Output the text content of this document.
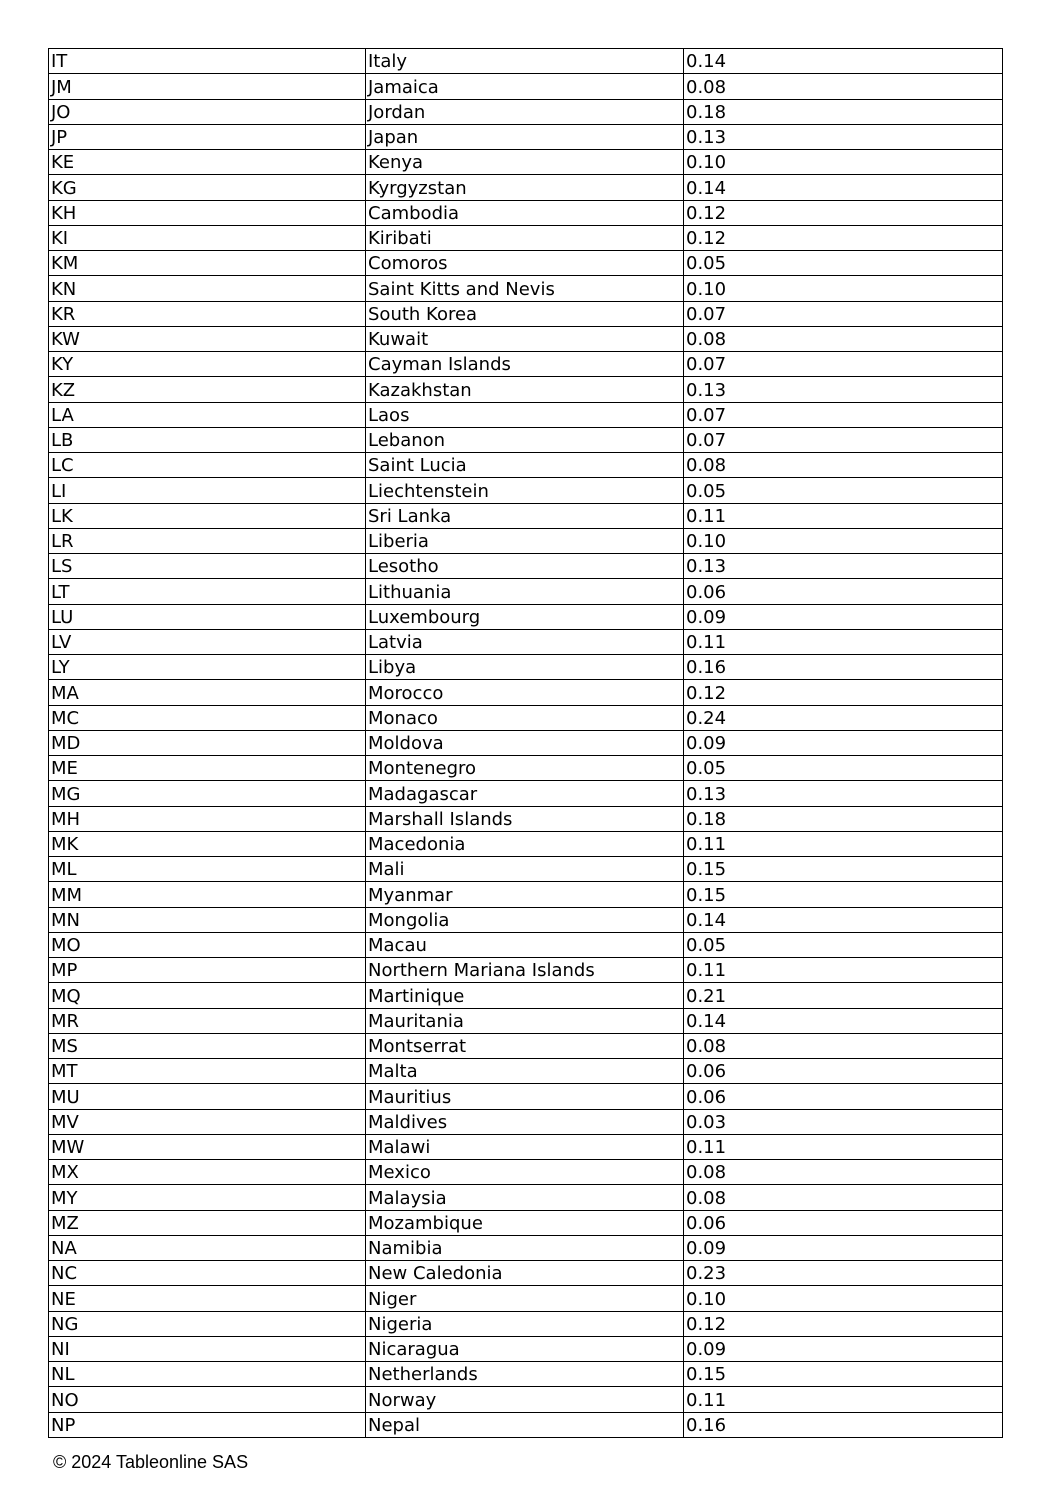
IT	Italy	0.14
JM	Jamaica	0.08
JO	Jordan	0.18
JP	Japan	0.13
KE	Kenya	0.10
KG	Kyrgyzstan	0.14
KH	Cambodia	0.12
KI	Kiribati	0.12
KM	Comoros	0.05
KN	Saint Kitts and Nevis	0.10
KR	South Korea	0.07
KW	Kuwait	0.08
KY	Cayman Islands	0.07
KZ	Kazakhstan	0.13
LA	Laos	0.07
LB	Lebanon	0.07
LC	Saint Lucia	0.08
LI	Liechtenstein	0.05
LK	Sri Lanka	0.11
LR	Liberia	0.10
LS	Lesotho	0.13
LT	Lithuania	0.06
LU	Luxembourg	0.09
LV	Latvia	0.11
LY	Libya	0.16
MA	Morocco	0.12
MC	Monaco	0.24
MD	Moldova	0.09
ME	Montenegro	0.05
MG	Madagascar	0.13
MH	Marshall Islands	0.18
MK	Macedonia	0.11
ML	Mali	0.15
MM	Myanmar	0.15
MN	Mongolia	0.14
MO	Macau	0.05
MP	Northern Mariana Islands	0.11
MQ	Martinique	0.21
MR	Mauritania	0.14
MS	Montserrat	0.08
MT	Malta	0.06
MU	Mauritius	0.06
MV	Maldives	0.03
MW	Malawi	0.11
MX	Mexico	0.08
MY	Malaysia	0.08
MZ	Mozambique	0.06
NA	Namibia	0.09
NC	New Caledonia	0.23
NE	Niger	0.10
NG	Nigeria	0.12
NI	Nicaragua	0.09
NL	Netherlands	0.15
NO	Norway	0.11
NP	Nepal	0.16
© 2024 Tableonline SAS
